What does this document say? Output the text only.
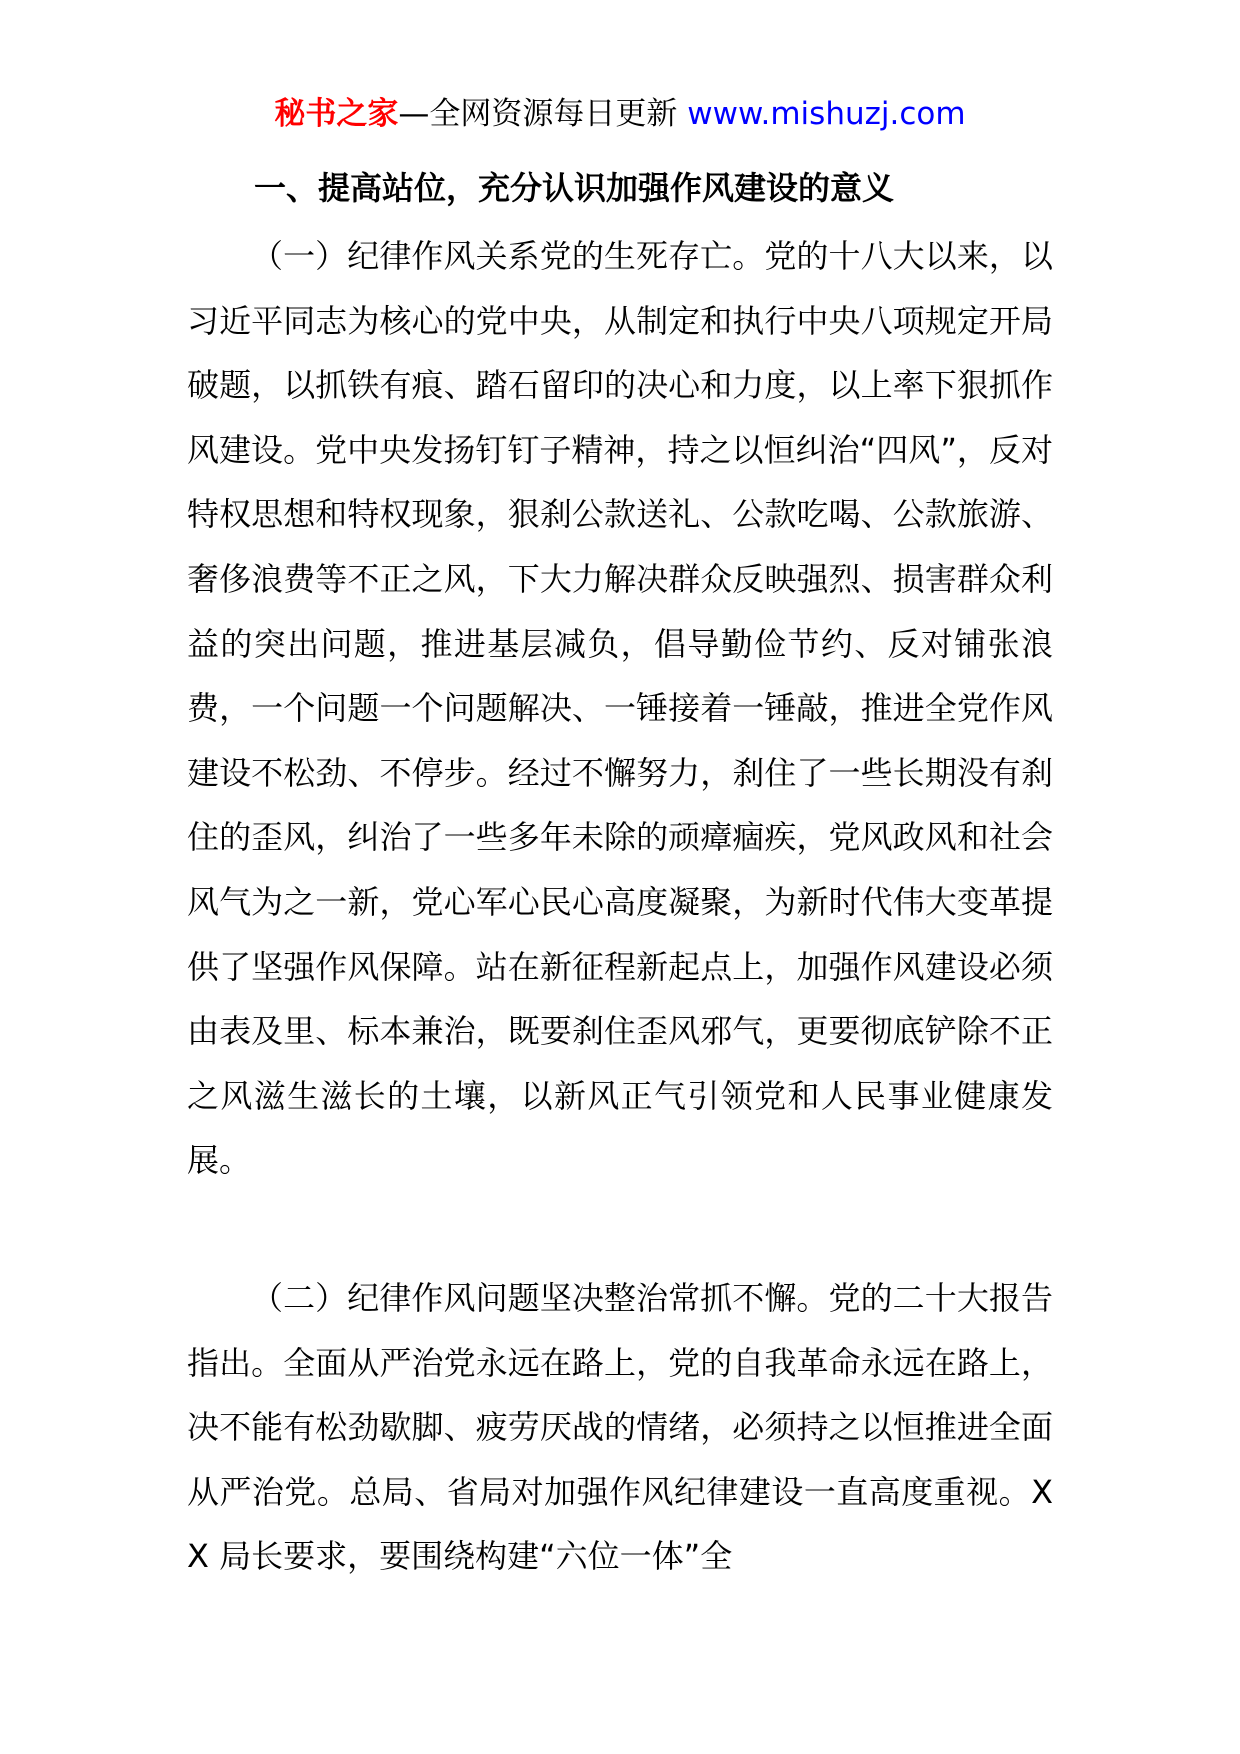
秘书之家—全网资源每日更新 www.mishuzj.com
一、提高站位，充分认识加强作风建设的意义

（一）纪律作风关系党的生死存亡。党的十八大以来，以习近平同志为核心的党中央，从制定和执行中央八项规定开局破题，以抓铁有痕、踏石留印的决心和力度，以上率下狠抓作风建设。党中央发扬钉钉子精神，持之以恒纠治“四风”，反对特权思想和特权现象，狠刹公款送礼、公款吃喝、公款旅游、奢侈浪费等不正之风，下大力解决群众反映强烈、损害群众利益的突出问题，推进基层减负，倡导勤俭节约、反对铺张浪费，一个问题一个问题解决、一锤接着一锤敲，推进全党作风建设不松劲、不停步。经过不懈努力，刹住了一些长期没有刹住的歪风，纠治了一些多年未除的顽瘴痼疾，党风政风和社会风气为之一新，党心军心民心高度凝聚，为新时代伟大变革提供了坚强作风保障。站在新征程新起点上，加强作风建设必须由表及里、标本兼治，既要刹住歪风邪气，更要彻底铲除不正之风滋生滋长的土壤，以新风正气引领党和人民事业健康发展。

（二）纪律作风问题坚决整治常抓不懈。党的二十大报告指出。全面从严治党永远在路上，党的自我革命永远在路上，决不能有松劲歇脚、疲劳厌战的情绪，必须持之以恒推进全面从严治党。总局、省局对加强作风纪律建设一直高度重视。XX 局长要求，要围绕构建“六位一体”全
